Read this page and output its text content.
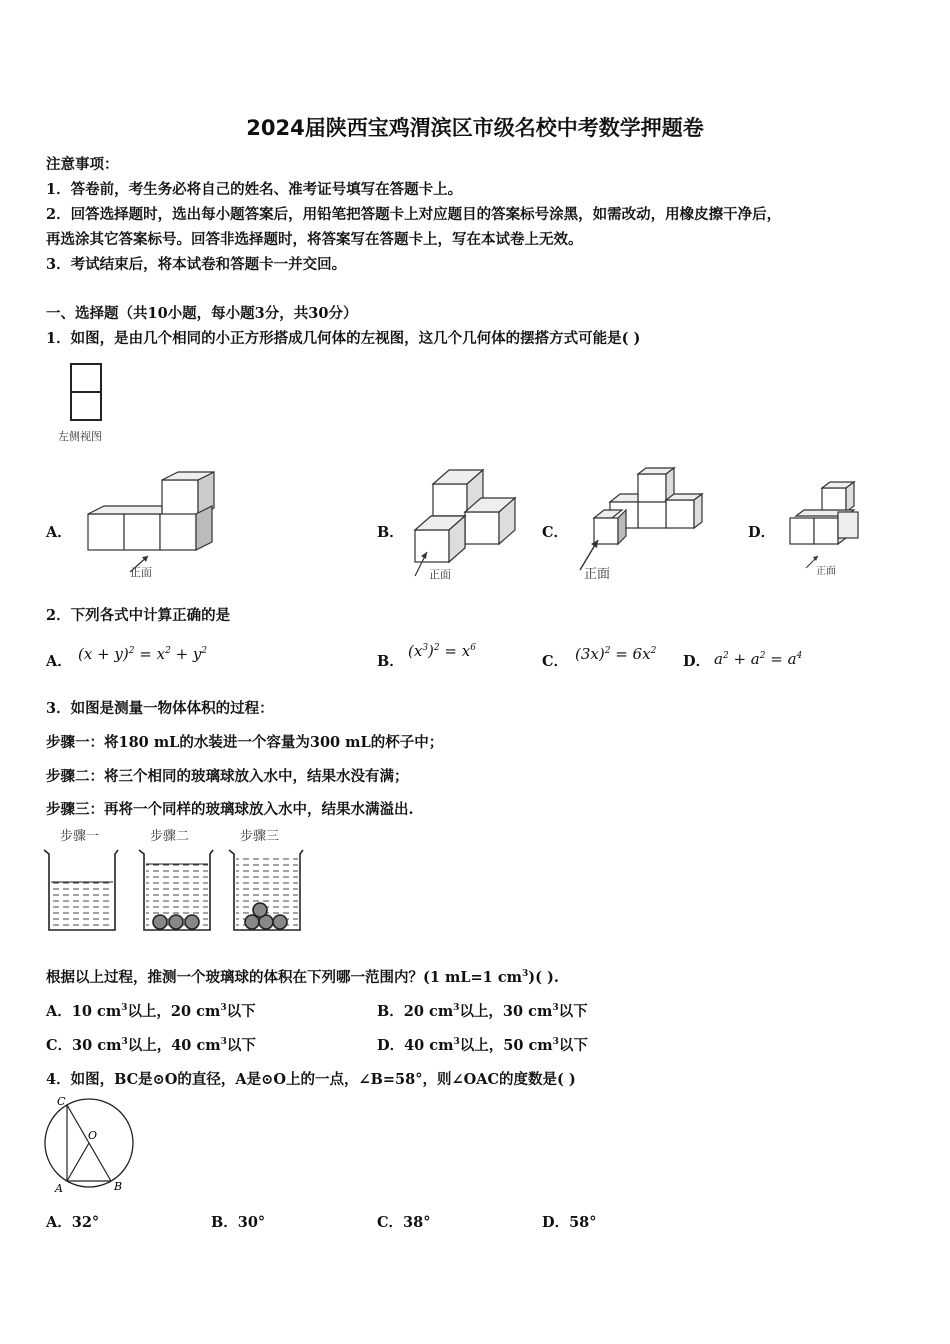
2024届陕西宝鸡渭滨区市级名校中考数学押题卷
注意事项：
1．答卷前，考生务必将自己的姓名、准考证号填写在答题卡上。
2．回答选择题时，选出每小题答案后，用铅笔把答题卡上对应题目的答案标号涂黑，如需改动，用橡皮擦干净后，
再选涂其它答案标号。回答非选择题时，将答案写在答题卡上，写在本试卷上无效。
3．考试结束后，将本试卷和答题卡一并交回。
一、选择题（共10小题，每小题3分，共30分）
1．如图，是由几个相同的小正方形搭成几何体的左视图，这几个几何体的摆搭方式可能是( )
左侧视图
A．
正面
B．
正面
C．
正面
D．
正面
2．下列各式中计算正确的是
A． $(x + y)^2 = x^2 + y^2$
B．
$(x^3)^2 = x^6$
C． $(3x)^2 = 6x^2$
D． $a^2 + a^2 = a^4$
3．如图是测量一物体体积的过程：
步骤一：将180 mL的水装进一个容量为300 mL的杯子中；
步骤二：将三个相同的玻璃球放入水中，结果水没有满；
步骤三：再将一个同样的玻璃球放入水中，结果水满溢出.
步骤一	步骤二	步骤三
根据以上过程，推测一个玻璃球的体积在下列哪一范围内？(1 mL=1 $cm^3$)( ).
A．10 $cm^3$以上，20 $cm^3$以下	B．20 $cm^3$以上，30 $cm^3$以下
C．30 $cm^3$以上，40 $cm^3$以下	D．40 $cm^3$以上，50 $cm^3$以下
4．如图，BC是⊙O的直径，A是⊙O上的一点，∠B=58°，则∠OAC的度数是( )
C
O
A	B
A．32°	B．30°	C．38°	D．58°
